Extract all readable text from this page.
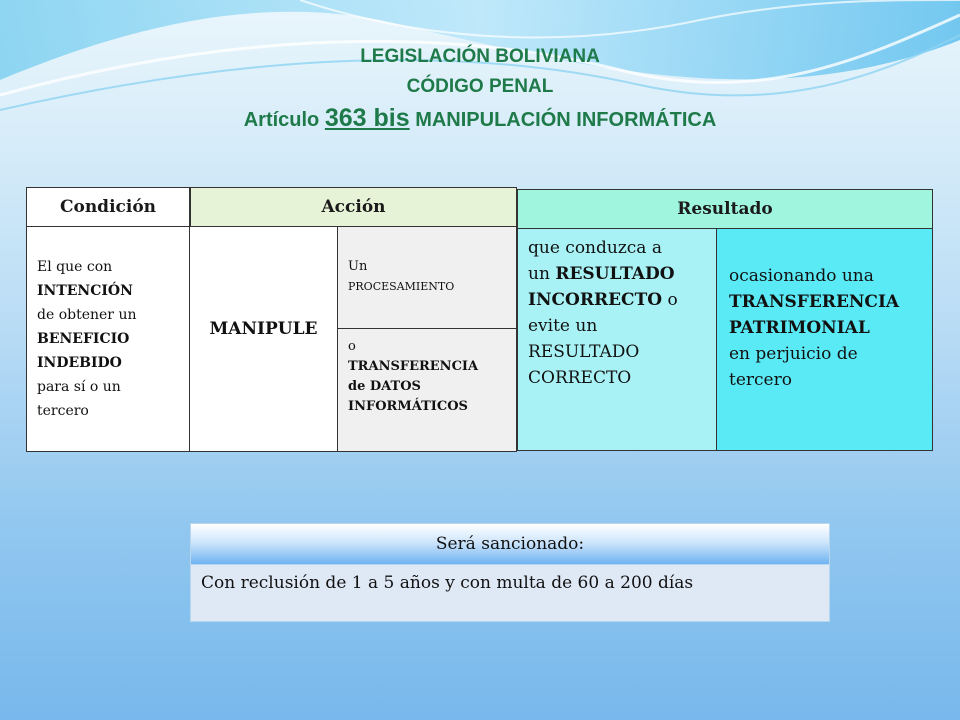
LEGISLACIÓN BOLIVIANA
CÓDIGO PENAL
Artículo 363 bis MANIPULACIÓN INFORMÁTICA
Condición	Acción	Resultado
El que con
INTENCIÓN
de obtener un
BENEFICIO
INDEBIDO
para sí o un
tercero
MANIPULE
Un
PROCESAMIENTO
o
TRANSFERENCIA
de DATOS
INFORMÁTICOS
que conduzca a
un RESULTADO
INCORRECTO o
evite un
RESULTADO
CORRECTO
ocasionando una
TRANSFERENCIA
PATRIMONIAL
en perjuicio de
tercero
Será sancionado:
Con reclusión de 1 a 5 años y con multa de 60 a 200 días
